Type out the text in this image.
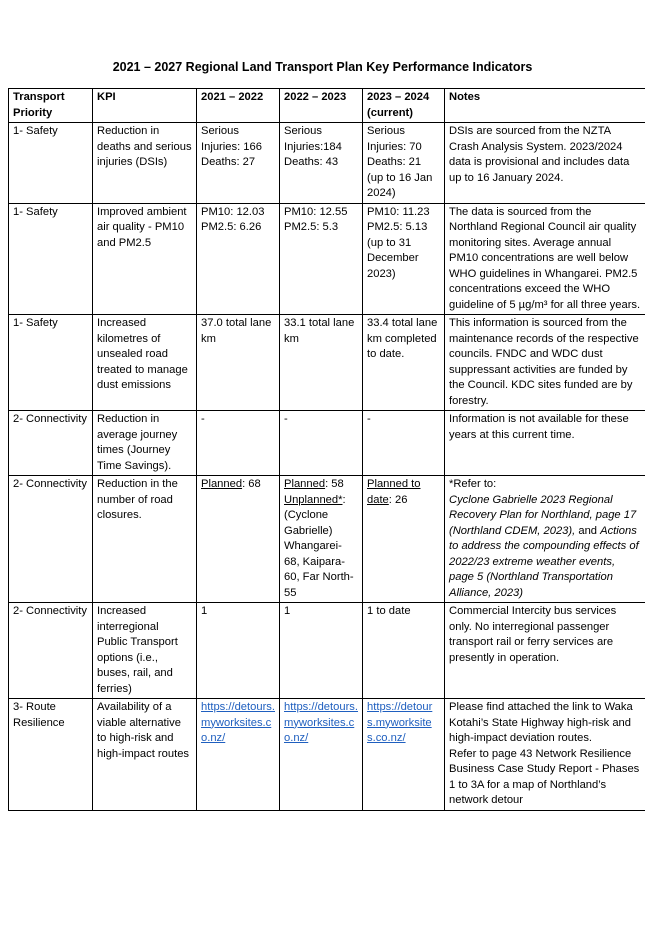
2021 – 2027 Regional Land Transport Plan Key Performance Indicators
Transport Priority	KPI	2021 – 2022	2022 – 2023	2023 – 2024 (current)	Notes
1- Safety	Reduction in deaths and serious injuries (DSIs)	Serious Injuries: 166 Deaths: 27	Serious Injuries:184 Deaths: 43	Serious Injuries: 70 Deaths: 21 (up to 16 Jan 2024)	DSIs are sourced from the NZTA Crash Analysis System. 2023/2024 data is provisional and includes data up to 16 January 2024.
1- Safety	Improved ambient air quality - PM10 and PM2.5	PM10: 12.03 PM2.5: 6.26	PM10: 12.55 PM2.5: 5.3	PM10: 11.23 PM2.5: 5.13 (up to 31 December 2023)	The data is sourced from the Northland Regional Council air quality monitoring sites. Average annual PM10 concentrations are well below WHO guidelines in Whangarei. PM2.5 concentrations exceed the WHO guideline of 5 µg/m³ for all three years.
1- Safety	Increased kilometres of unsealed road treated to manage dust emissions	37.0 total lane km	33.1 total lane km	33.4 total lane km completed to date.	This information is sourced from the maintenance records of the respective councils. FNDC and WDC dust suppressant activities are funded by the Council. KDC sites funded are by forestry.
2- Connectivity	Reduction in average journey times (Journey Time Savings).	-	-	-	Information is not available for these years at this current time.
2- Connectivity	Reduction in the number of road closures.	Planned: 68	Planned: 58 Unplanned*: (Cyclone Gabrielle) Whangarei- 68, Kaipara- 60, Far North- 55	Planned to date: 26	*Refer to:
Cyclone Gabrielle 2023 Regional Recovery Plan for Northland, page 17 (Northland CDEM, 2023), and Actions to address the compounding effects of 2022/23 extreme weather events, page 5 (Northland Transportation Alliance, 2023)
2- Connectivity	Increased interregional Public Transport options (i.e., buses, rail, and ferries)	1	1	1 to date	Commercial Intercity bus services only. No interregional passenger transport rail or ferry services are presently in operation.
3- Route Resilience	Availability of a viable alternative to high-risk and high-impact routes	https://detours.myworksites.co.nz/	https://detours.myworksites.co.nz/	https://detours.myworksites.co.nz/	Please find attached the link to Waka Kotahi’s State Highway high-risk and high-impact deviation routes.
Refer to page 43 Network Resilience Business Case Study Report - Phases 1 to 3A for a map of Northland’s network detour
